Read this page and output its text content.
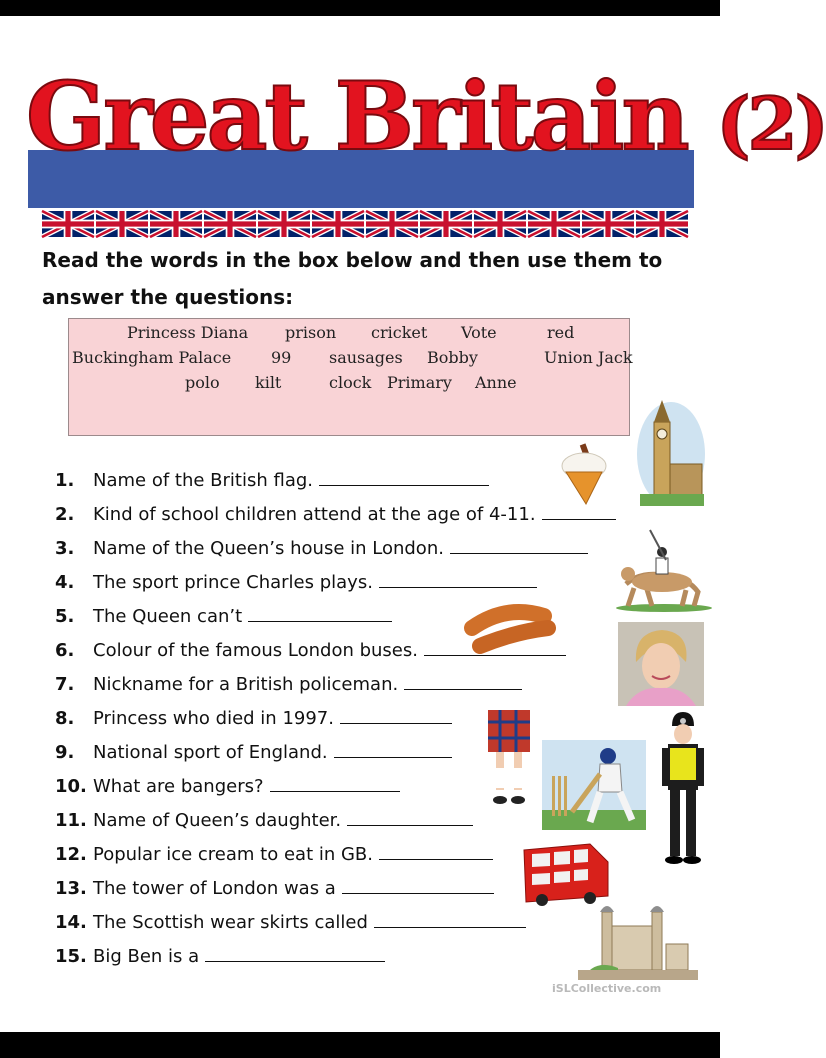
Great Britain (2)

Read the words in the box below and then use them to answer the questions:

Princess Diana prison cricket Vote	red
Buckingham Palace 99 sausages Bobby	Union Jack
polo kilt	clock Primary Anne
1. Name of the British flag.
2. Kind of school children attend at the age of 4-11.
3. Name of the Queen’s house in London.
4. The sport prince Charles plays.
5. The Queen can’t
6. Colour of the famous London buses.
7. Nickname for a British policeman.
8. Princess who died in 1997.
9. National sport of England.
10. What are bangers?
11. Name of Queen’s daughter.
12. Popular ice cream to eat in GB.
13. The tower of London was a
14. The Scottish wear skirts called
15. Big Ben is a
iSLCollective.com
